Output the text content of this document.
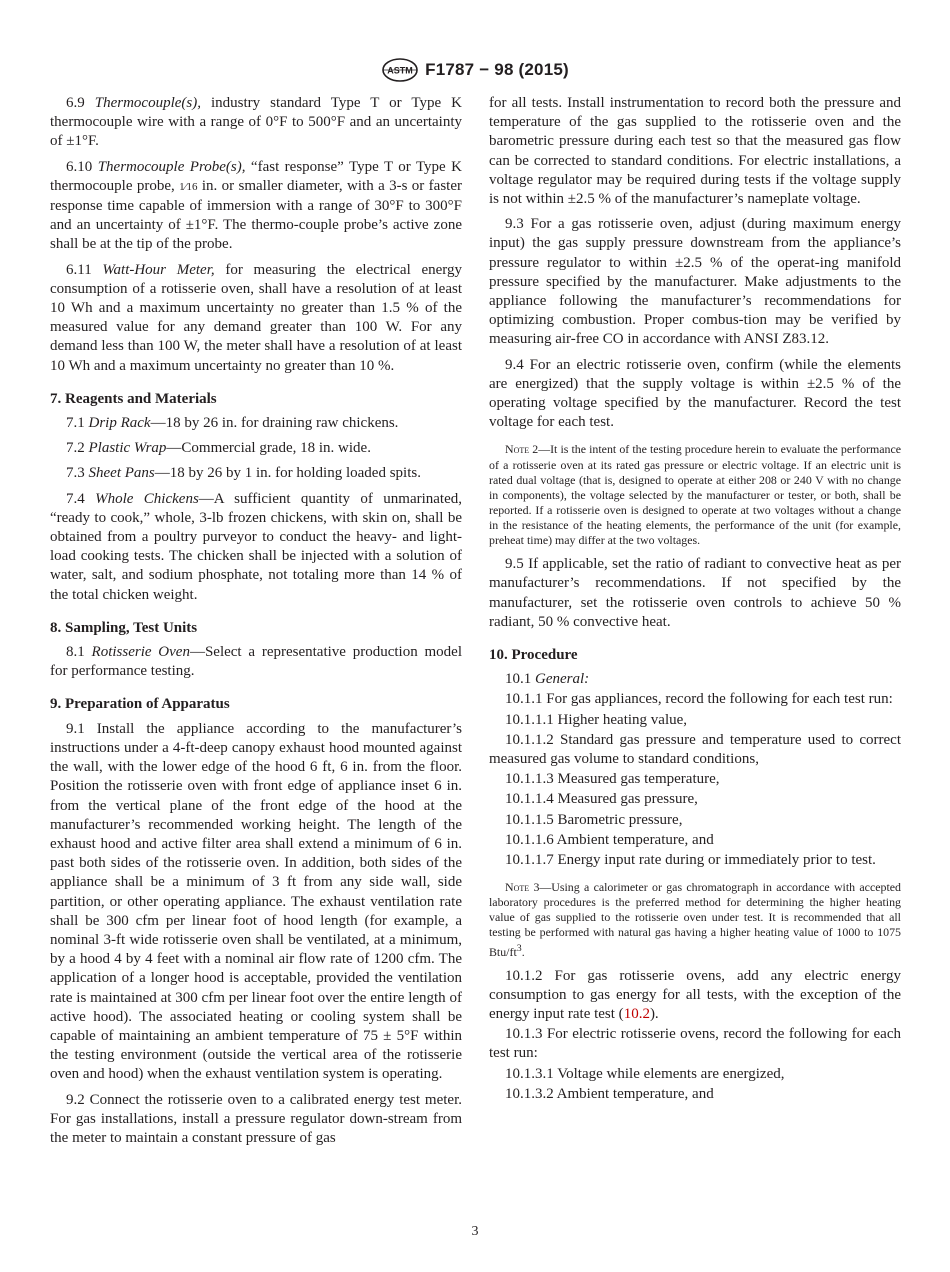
ASTM F1787 − 98 (2015)

6.9 Thermocouple(s), industry standard Type T or Type K thermocouple wire with a range of 0°F to 500°F and an uncertainty of ±1°F.

6.10 Thermocouple Probe(s), “fast response” Type T or Type K thermocouple probe, 1⁄16 in. or smaller diameter, with a 3-s or faster response time capable of immersion with a range of 30°F to 300°F and an uncertainty of ±1°F. The thermo-couple probe’s active zone shall be at the tip of the probe.

6.11 Watt-Hour Meter, for measuring the electrical energy consumption of a rotisserie oven, shall have a resolution of at least 10 Wh and a maximum uncertainty no greater than 1.5 % of the measured value for any demand greater than 100 W. For any demand less than 100 W, the meter shall have a resolution of at least 10 Wh and a maximum uncertainty no greater than 10 %.

7. Reagents and Materials

7.1 Drip Rack—18 by 26 in. for draining raw chickens.

7.2 Plastic Wrap—Commercial grade, 18 in. wide.

7.3 Sheet Pans—18 by 26 by 1 in. for holding loaded spits.

7.4 Whole Chickens—A sufficient quantity of unmarinated, “ready to cook,” whole, 3-lb frozen chickens, with skin on, shall be obtained from a poultry purveyor to conduct the heavy- and light-load cooking tests. The chicken shall be injected with a solution of water, salt, and sodium phosphate, not totaling more than 14 % of the total chicken weight.

8. Sampling, Test Units

8.1 Rotisserie Oven—Select a representative production model for performance testing.

9. Preparation of Apparatus

9.1 Install the appliance according to the manufacturer’s instructions under a 4-ft-deep canopy exhaust hood mounted against the wall, with the lower edge of the hood 6 ft, 6 in. from the floor. Position the rotisserie oven with front edge of appliance inset 6 in. from the vertical plane of the front edge of the hood at the manufacturer’s recommended working height. The length of the exhaust hood and active filter area shall extend a minimum of 6 in. past both sides of the rotisserie oven. In addition, both sides of the appliance shall be a minimum of 3 ft from any side wall, side partition, or other operating appliance. The exhaust ventilation rate shall be 300 cfm per linear foot of hood length (for example, a nominal 3-ft wide rotisserie oven shall be ventilated, at a minimum, by a hood 4 by 4 feet with a nominal air flow rate of 1200 cfm. The application of a longer hood is acceptable, provided the ventilation rate is maintained at 300 cfm per linear foot over the entire length of active hood). The associated heating or cooling system shall be capable of maintaining an ambient temperature of 75 ± 5°F within the testing environment (outside the vertical area of the rotisserie oven and hood) when the exhaust ventilation system is operating.

9.2 Connect the rotisserie oven to a calibrated energy test meter. For gas installations, install a pressure regulator down-stream from the meter to maintain a constant pressure of gas

for all tests. Install instrumentation to record both the pressure and temperature of the gas supplied to the rotisserie oven and the barometric pressure during each test so that the measured gas flow can be corrected to standard conditions. For electric installations, a voltage regulator may be required during tests if the voltage supply is not within ±2.5 % of the manufacturer’s nameplate voltage.

9.3 For a gas rotisserie oven, adjust (during maximum energy input) the gas supply pressure downstream from the appliance’s pressure regulator to within ±2.5 % of the operat-ing manifold pressure specified by the manufacturer. Make adjustments to the appliance following the manufacturer’s recommendations for optimizing combustion. Proper combus-tion may be verified by measuring air-free CO in accordance with ANSI Z83.12.

9.4 For an electric rotisserie oven, confirm (while the elements are energized) that the supply voltage is within ±2.5 % of the operating voltage specified by the manufacturer. Record the test voltage for each test.

Note 2—It is the intent of the testing procedure herein to evaluate the performance of a rotisserie oven at its rated gas pressure or electric voltage. If an electric unit is rated dual voltage (that is, designed to operate at either 208 or 240 V with no change in components), the voltage selected by the manufacturer or tester, or both, shall be reported. If a rotisserie oven is designed to operate at two voltages without a change in the resistance of the heating elements, the performance of the unit (for example, preheat time) may differ at the two voltages.

9.5 If applicable, set the ratio of radiant to convective heat as per manufacturer’s recommendations. If not specified by the manufacturer, set the rotisserie oven controls to achieve 50 % radiant, 50 % convective heat.

10. Procedure

10.1 General:

10.1.1 For gas appliances, record the following for each test run:

10.1.1.1 Higher heating value,

10.1.1.2 Standard gas pressure and temperature used to correct measured gas volume to standard conditions,

10.1.1.3 Measured gas temperature,

10.1.1.4 Measured gas pressure,

10.1.1.5 Barometric pressure,

10.1.1.6 Ambient temperature, and

10.1.1.7 Energy input rate during or immediately prior to test.

Note 3—Using a calorimeter or gas chromatograph in accordance with accepted laboratory procedures is the preferred method for determining the higher heating value of gas supplied to the rotisserie oven under test. It is recommended that all testing be performed with natural gas having a higher heating value of 1000 to 1075 Btu/$ft^3$.

10.1.2 For gas rotisserie ovens, add any electric energy consumption to gas energy for all tests, with the exception of the energy input rate test (10.2).

10.1.3 For electric rotisserie ovens, record the following for each test run:

10.1.3.1 Voltage while elements are energized,

10.1.3.2 Ambient temperature, and

3
